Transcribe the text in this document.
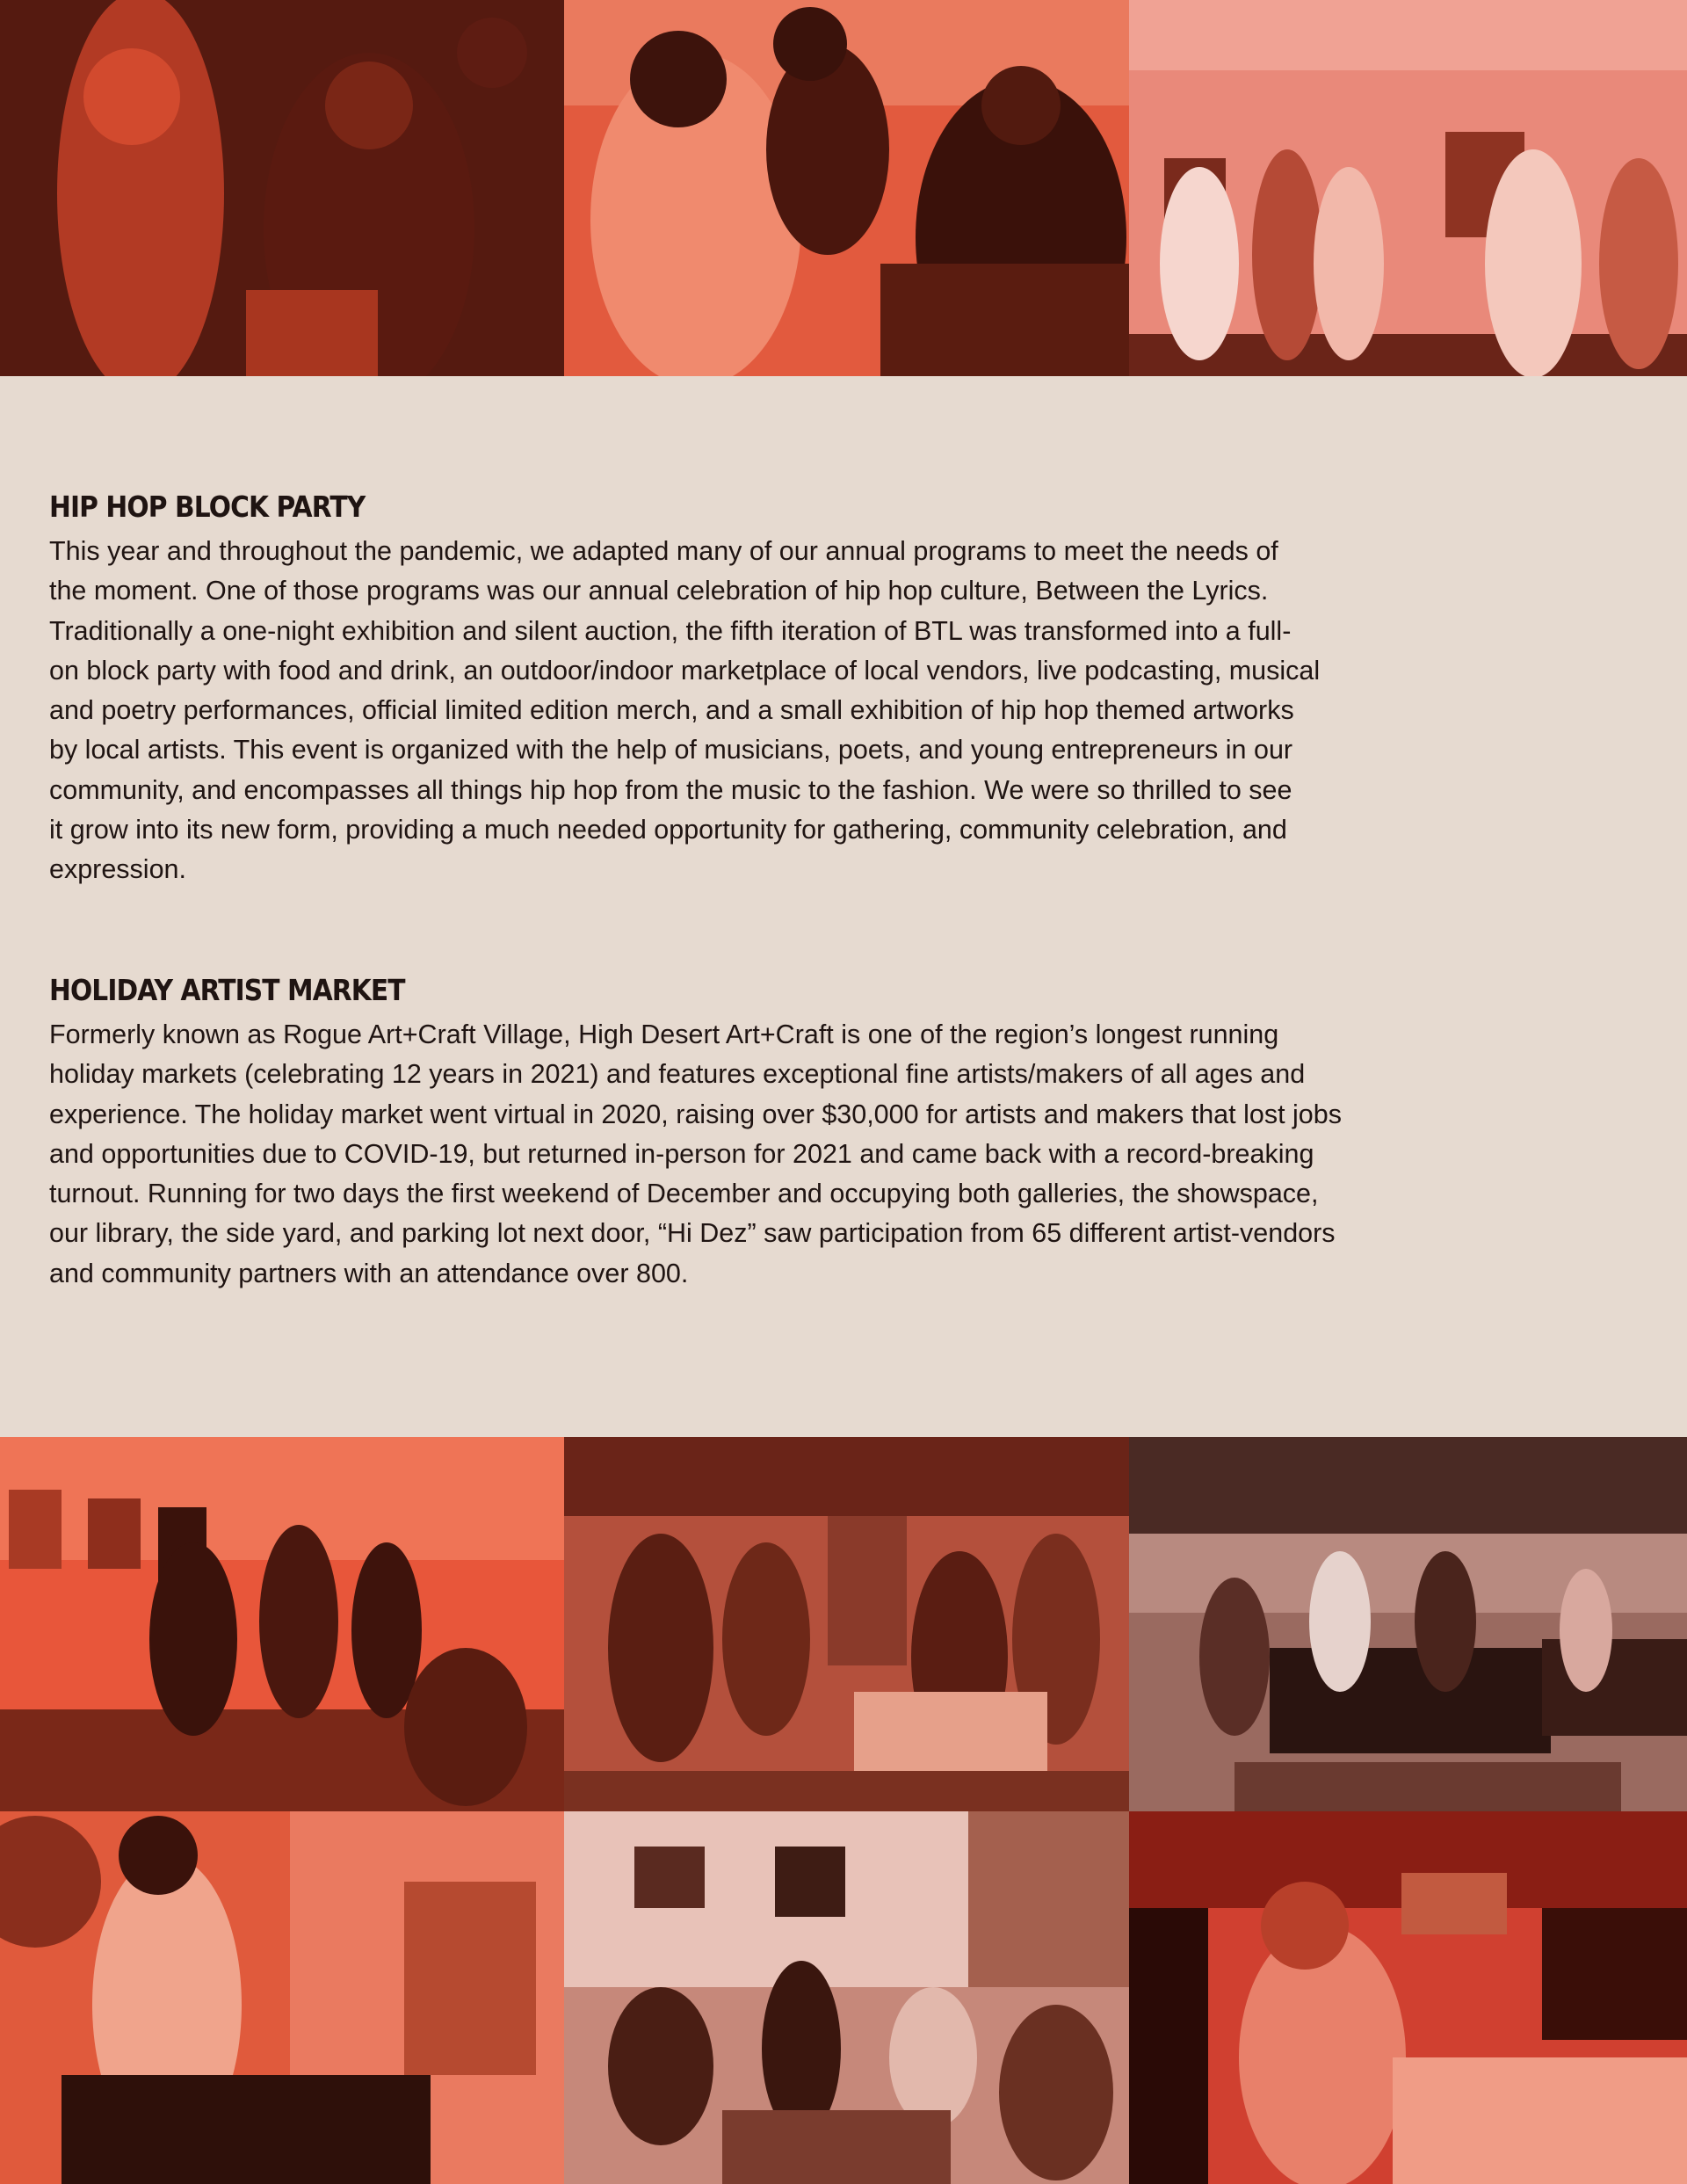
HIP HOP BLOCK PARTY

This year and throughout the pandemic, we adapted many of our annual programs to meet the needs of
the moment. One of those programs was our annual celebration of hip hop culture, Between the Lyrics.
Traditionally a one-night exhibition and silent auction, the fifth iteration of BTL was transformed into a full-
on block party with food and drink, an outdoor/indoor marketplace of local vendors, live podcasting, musical
and poetry performances, official limited edition merch, and a small exhibition of hip hop themed artworks
by local artists. This event is organized with the help of musicians, poets, and young entrepreneurs in our
community, and encompasses all things hip hop from the music to the fashion. We were so thrilled to see
it grow into its new form, providing a much needed opportunity for gathering, community celebration, and
expression.

HOLIDAY ARTIST MARKET

Formerly known as Rogue Art+Craft Village, High Desert Art+Craft is one of the region’s longest running
holiday markets (celebrating 12 years in 2021) and features exceptional fine artists/makers of all ages and
experience. The holiday market went virtual in 2020, raising over $30,000 for artists and makers that lost jobs
and opportunities due to COVID-19, but returned in-person for 2021 and came back with a record-breaking
turnout. Running for two days the first weekend of December and occupying both galleries, the showspace,
our library, the side yard, and parking lot next door, “Hi Dez” saw participation from 65 different artist-vendors
and community partners with an attendance over 800.
